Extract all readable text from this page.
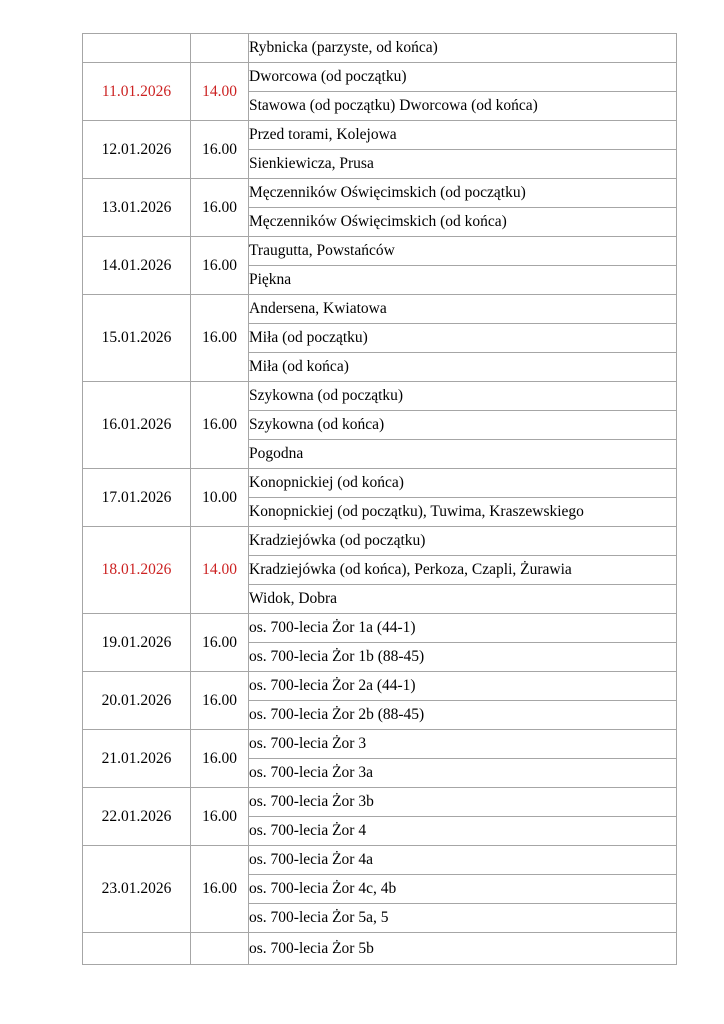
		Rybnicka (parzyste, od końca)
11.01.2026	14.00	Dworcowa (od początku)
		Stawowa (od początku) Dworcowa (od końca)
12.01.2026	16.00	Przed torami, Kolejowa
		Sienkiewicza, Prusa
13.01.2026	16.00	Męczenników Oświęcimskich (od początku)
		Męczenników Oświęcimskich (od końca)
14.01.2026	16.00	Traugutta, Powstańców
		Piękna
15.01.2026	16.00	Andersena, Kwiatowa
		Miła (od początku)
		Miła (od końca)
16.01.2026	16.00	Szykowna (od początku)
		Szykowna (od końca)
		Pogodna
17.01.2026	10.00	Konopnickiej (od końca)
		Konopnickiej (od początku), Tuwima, Kraszewskiego
18.01.2026	14.00	Kradziejówka (od początku)
		Kradziejówka (od końca), Perkoza, Czapli, Żurawia
		Widok, Dobra
19.01.2026	16.00	os. 700-lecia Żor 1a (44-1)
		os. 700-lecia Żor 1b (88-45)
20.01.2026	16.00	os. 700-lecia Żor 2a (44-1)
		os. 700-lecia Żor 2b (88-45)
21.01.2026	16.00	os. 700-lecia Żor 3
		os. 700-lecia Żor 3a
22.01.2026	16.00	os. 700-lecia Żor 3b
		os. 700-lecia Żor 4
23.01.2026	16.00	os. 700-lecia Żor 4a
		os. 700-lecia Żor 4c, 4b
		os. 700-lecia Żor 5a, 5
		os. 700-lecia Żor 5b
